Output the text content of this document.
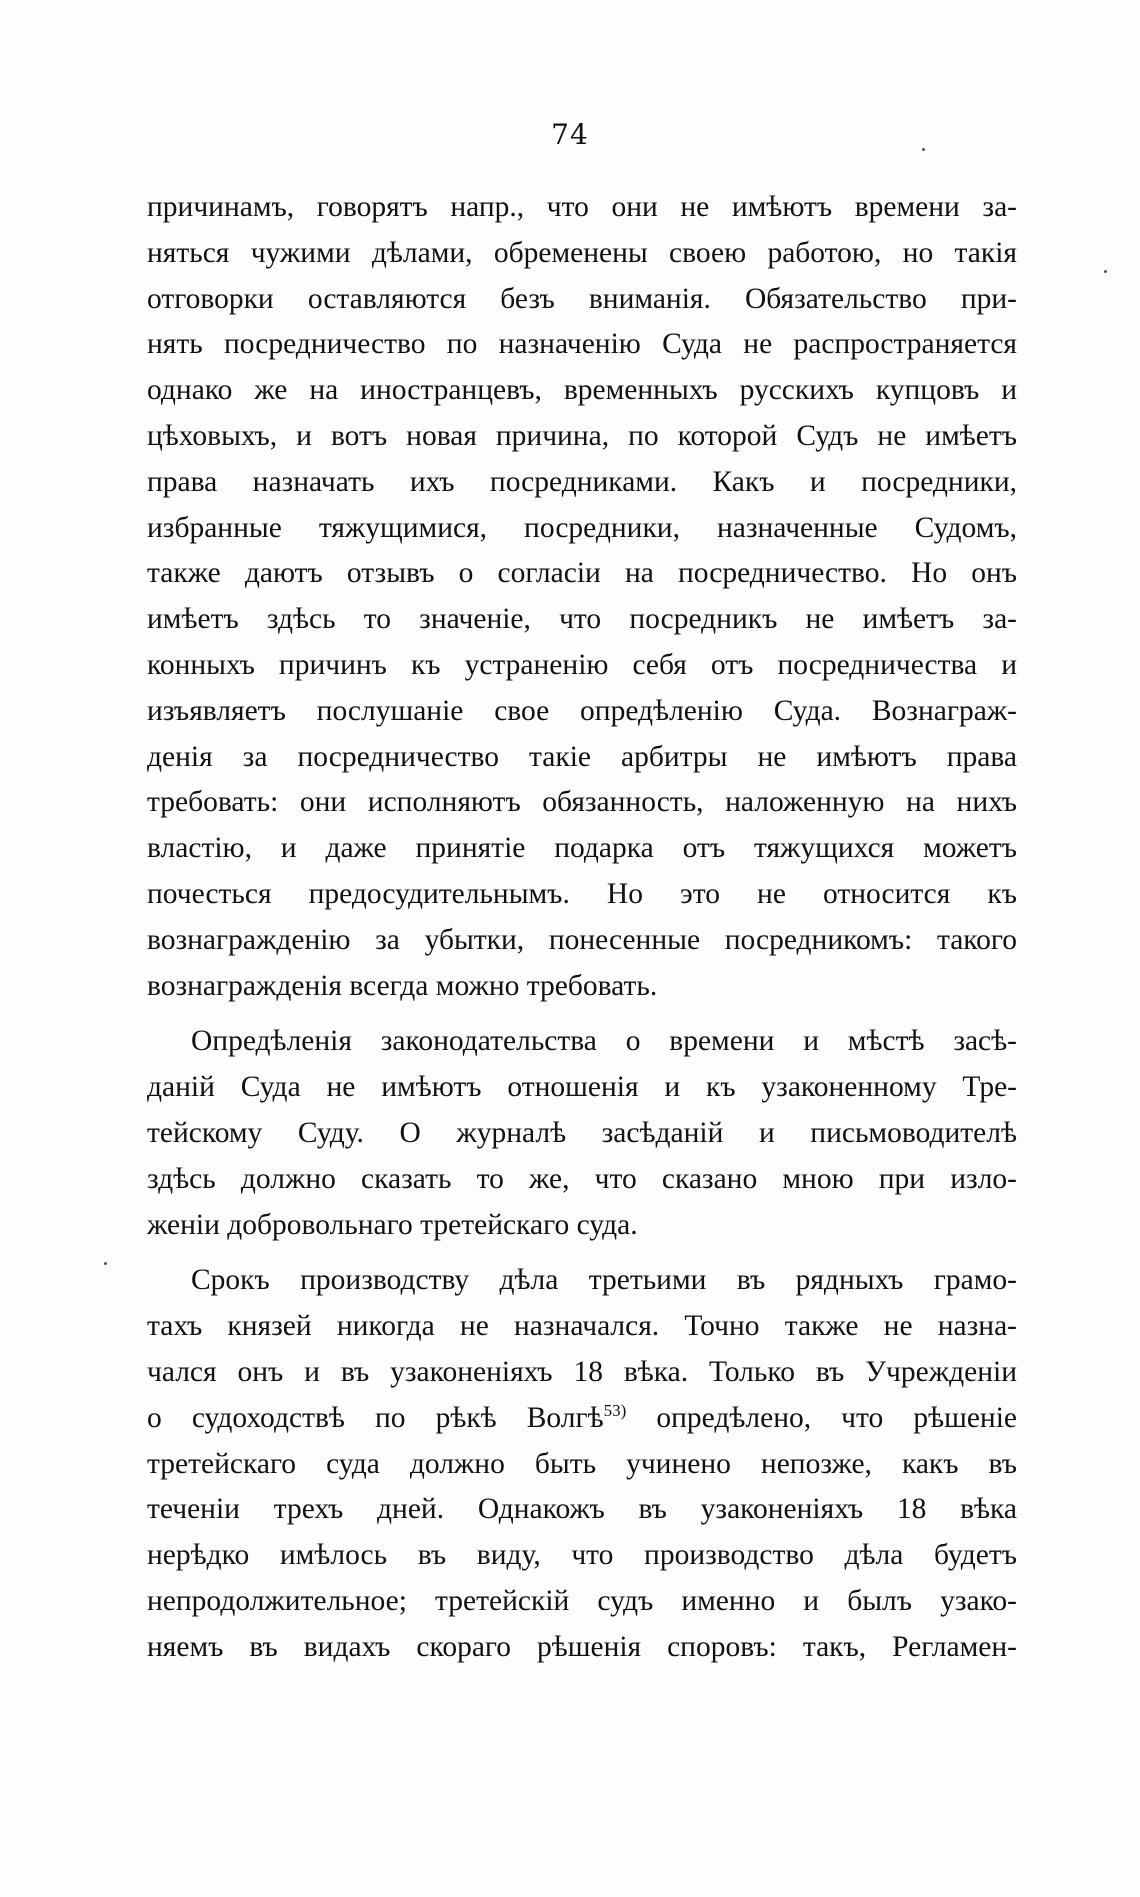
74
причинамъ, говорятъ напр., что они не имѣютъ времени за-
няться чужими дѣлами, обременены своею работою, но такія
отговорки оставляются безъ вниманія. Обязательство при-
нять посредничество по назначенію Суда не распространяется
однако же на иностранцевъ, временныхъ русскихъ купцовъ и
цѣховыхъ, и вотъ новая причина, по которой Судъ не имѣетъ
права назначать ихъ посредниками. Какъ и посредники,
избранные тяжущимися, посредники, назначенные Судомъ,
также даютъ отзывъ о согласіи на посредничество. Но онъ
имѣетъ здѣсь то значеніе, что посредникъ не имѣетъ за-
конныхъ причинъ къ устраненію себя отъ посредничества и
изъявляетъ послушаніе свое опредѣленію Суда. Вознаграж-
денія за посредничество такіе арбитры не имѣютъ права
требовать: они исполняютъ обязанность, наложенную на нихъ
властію, и даже принятіе подарка отъ тяжущихся можетъ
почесться предосудительнымъ. Но это не относится къ
вознагражденію за убытки, понесенные посредникомъ: такого
вознагражденія всегда можно требовать.
Опредѣленія законодательства о времени и мѣстѣ засѣ-
даній Суда не имѣютъ отношенія и къ узаконенному Тре-
тейскому Суду. О журналѣ засѣданій и письмоводителѣ
здѣсь должно сказать то же, что сказано мною при изло-
женіи добровольнаго третейскаго суда.
Срокъ производству дѣла третьими въ рядныхъ грамо-
тахъ князей никогда не назначался. Точно также не назна-
чался онъ и въ узаконеніяхъ 18 вѣка. Только въ Учрежденіи
о судоходствѣ по рѣкѣ Волгѣ$^{53)}$ опредѣлено, что рѣшеніе
третейскаго суда должно быть учинено непозже, какъ въ
теченіи трехъ дней. Однакожъ въ узаконеніяхъ 18 вѣка
нерѣдко имѣлось въ виду, что производство дѣла будетъ
непродолжительное; третейскій судъ именно и былъ узако-
няемъ въ видахъ скораго рѣшенія споровъ: такъ, Регламен-
